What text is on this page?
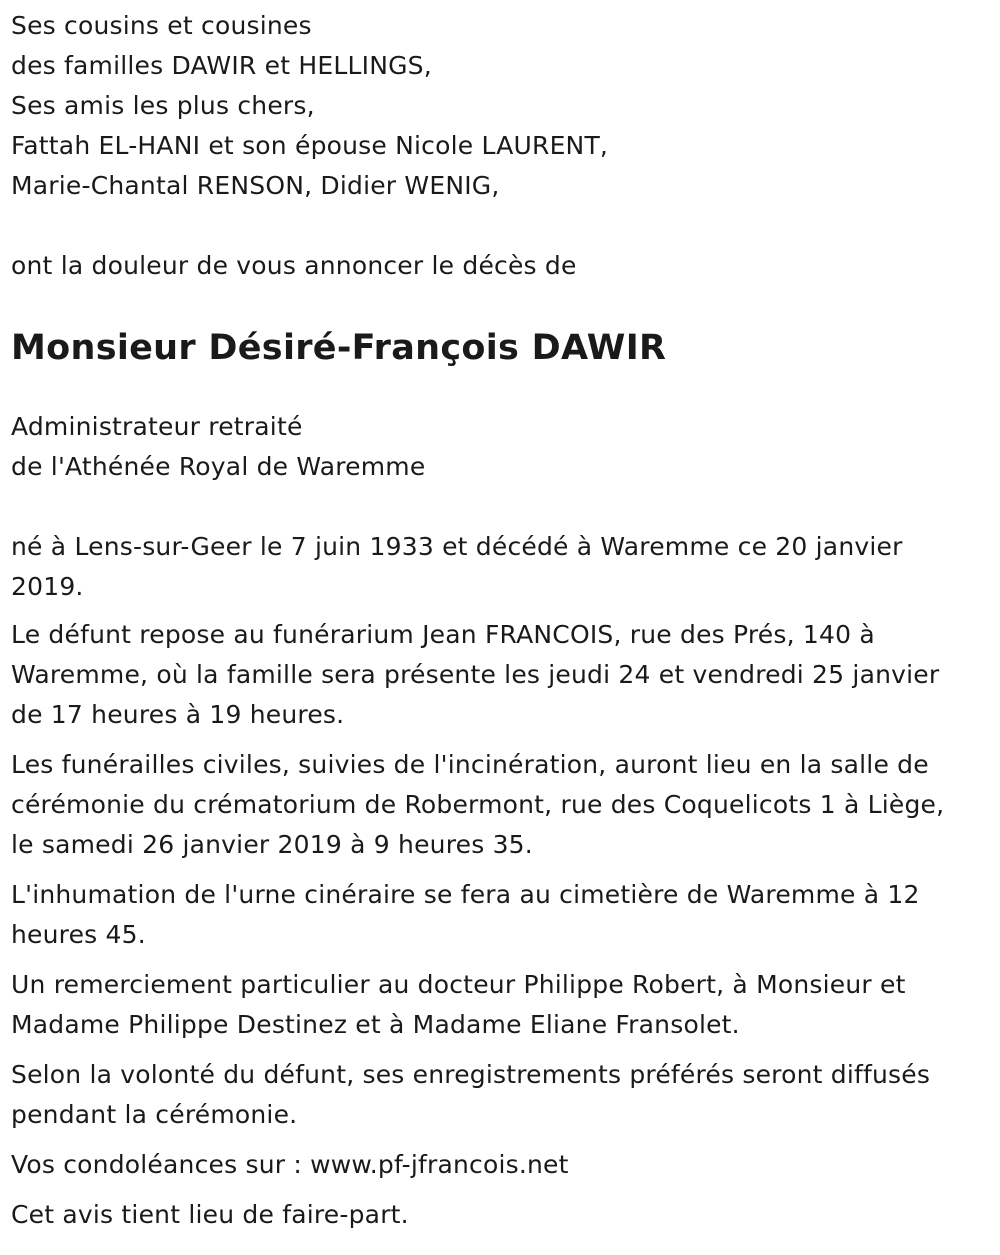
Ses cousins et cousines
des familles DAWIR et HELLINGS,
Ses amis les plus chers,
Fattah EL-HANI et son épouse Nicole LAURENT,
Marie-Chantal RENSON, Didier WENIG,
ont la douleur de vous annoncer le décès de
Monsieur Désiré-François DAWIR
Administrateur retraité
de l'Athénée Royal de Waremme
né à Lens-sur-Geer le 7 juin 1933 et décédé à Waremme ce 20 janvier
2019.
Le défunt repose au funérarium Jean FRANCOIS, rue des Prés, 140 à
Waremme, où la famille sera présente les jeudi 24 et vendredi 25 janvier
de 17 heures à 19 heures.
Les funérailles civiles, suivies de l'incinération, auront lieu en la salle de
cérémonie du crématorium de Robermont, rue des Coquelicots 1 à Liège,
le samedi 26 janvier 2019 à 9 heures 35.
L'inhumation de l'urne cinéraire se fera au cimetière de Waremme à 12
heures 45.
Un remerciement particulier au docteur Philippe Robert, à Monsieur et
Madame Philippe Destinez et à Madame Eliane Fransolet.
Selon la volonté du défunt, ses enregistrements préférés seront diffusés
pendant la cérémonie.
Vos condoléances sur : www.pf-jfrancois.net
Cet avis tient lieu de faire-part.
